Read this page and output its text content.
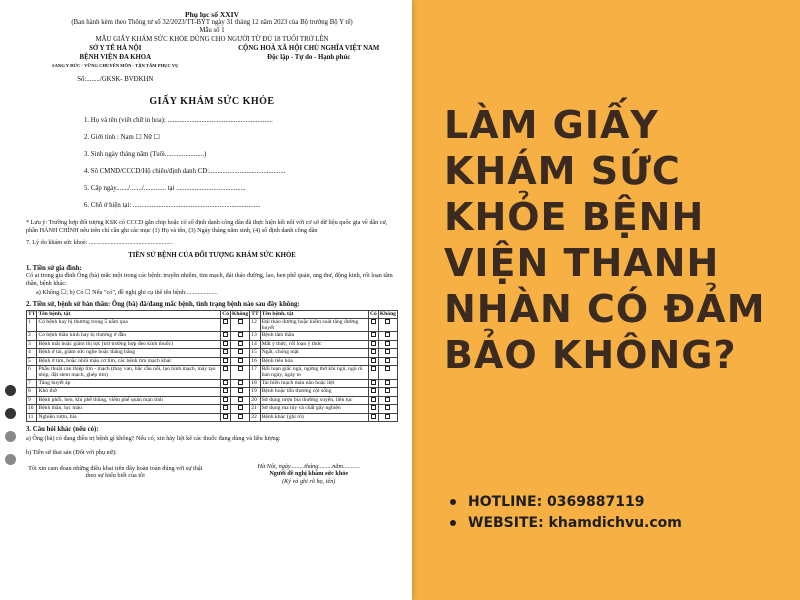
Phụ lục số XXIV
(Ban hành kèm theo Thông tư số 32/2023/TT-BYT ngày 31 tháng 12 năm 2023 của Bộ trưởng Bộ Y tế)
Mẫu số 1
MẪU GIẤY KHÁM SỨC KHỎE DÙNG CHO NGƯỜI TỪ ĐỦ 18 TUỔI TRỞ LÊN
SỞ Y TẾ HÀ NỘI
BỆNH VIỆN ĐA KHOA
SANG Y ĐỨC - VỮNG CHUYÊN MÔN - TẬN TÂM PHỤC VỤ
Số:......../GKSK- BVĐKHN
CỘNG HOÀ XÃ HỘI CHỦ NGHĨA VIỆT NAM
Độc lập - Tự do - Hạnh phúc
GIẤY KHÁM SỨC KHỎE
1. Họ và tên (viết chữ in hoa): ..............................................................
2. Giới tính : Nam ☐ Nữ ☐
3. Sinh ngày tháng năm (Tuổi.......................)
4. Số CMND/CCCD/Hộ chiếu/định danh CD:.............................................
5. Cấp ngày......./......./............. tại .........................................
6. Chỗ ở hiện tại: ...........................................................................
* Lưu ý: Trường hợp đối tượng KSK có CCCD gắn chip hoặc có số định danh công dân đã thực hiện kết nối với cơ sở dữ liệu quốc gia về dân cư, phần HÀNH CHÍNH nêu trên chỉ cần ghi các mục (1) Họ và tên, (3) Ngày tháng năm sinh, (4) số định danh công dân
7. Lý do khám sức khoẻ: ......................................................
TIỀN SỬ BỆNH CỦA ĐỐI TƯỢNG KHÁM SỨC KHỎE
1. Tiền sử gia đình:
Có ai trong gia đình Ông (bà) mắc một trong các bệnh: truyền nhiễm, tim mạch, đái tháo đường, lao, hen phế quản, ung thư, động kinh, rối loạn tâm thần, bệnh khác:
a) Không ☐; b) Có ☐ Nếu "có", đề nghị ghi cụ thể tên bệnh:....................
2. Tiền sử, bệnh sử bản thân: Ông (bà) đã/đang mắc bệnh, tình trạng bệnh nào sau đây không:
TT	Tên bệnh, tật	Có	Không	TT	Tên bệnh, tật	Có	Không
1	Có bệnh hay bị thương trong 5 năm qua			12	Đái tháo đường hoặc kiểm soát tăng đường huyết		
2	Có bệnh thần kinh hay bị thương ở đầu			13	Bệnh tâm thần		
3	Bệnh mắt hoặc giảm thị lực (trừ trường hợp đeo kính thuốc)			14	Mất ý thức, rối loạn ý thức		
4	Bệnh ở tai, giảm sức nghe hoặc thăng bằng			15	Ngất, chóng mặt		
5	Bệnh ở tim, hoặc nhồi máu cơ tim, các bệnh tim mạch khác			16	Bệnh tiêu hóa		
6	Phẫu thuật can thiệp tim - mạch (thay van, bắc cầu nối, tạo hình mạch, máy tạo nhịp, đặt stent mạch, ghép tim)			17	Rối loạn giấc ngủ, ngừng thở khi ngủ, ngủ rũ ban ngày, ngáy to		
7	Tăng huyết áp			18	Tai biến mạch máu não hoặc liệt		
8	Khó thở			19	Bệnh hoặc tổn thương cột sống		
9	Bệnh phổi, hen, khí phế thũng, viêm phế quản mạn tính			20	Sử dụng rượu bia thường xuyên, liên tục		
10	Bệnh thận, lọc máu			21	Sử dụng ma túy và chất gây nghiện		
11	Nghiện rượu, bia			22	Bệnh khác (ghi rõ)		
3. Câu hỏi khác (nếu có):
a) Ông (bà) có đang điều trị bệnh gì không? Nếu có, xin hãy liệt kê các thuốc đang dùng và liều lượng:
b) Tiền sử thai sản (Đối với phụ nữ):
Tôi xin cam đoan những điều khai trên đây hoàn toàn đúng với sự thật theo sự hiểu biết của tôi
Hà Nội, ngày.........tháng.........năm...........
Người đề nghị khám sức khỏe
(Ký và ghi rõ họ, tên)
LÀM GIẤY KHÁM SỨC KHỎE BỆNH VIỆN THANH NHÀN CÓ ĐẢM BẢO KHÔNG?
HOTLINE: 0369887119
WEBSITE: khamdichvu.com
